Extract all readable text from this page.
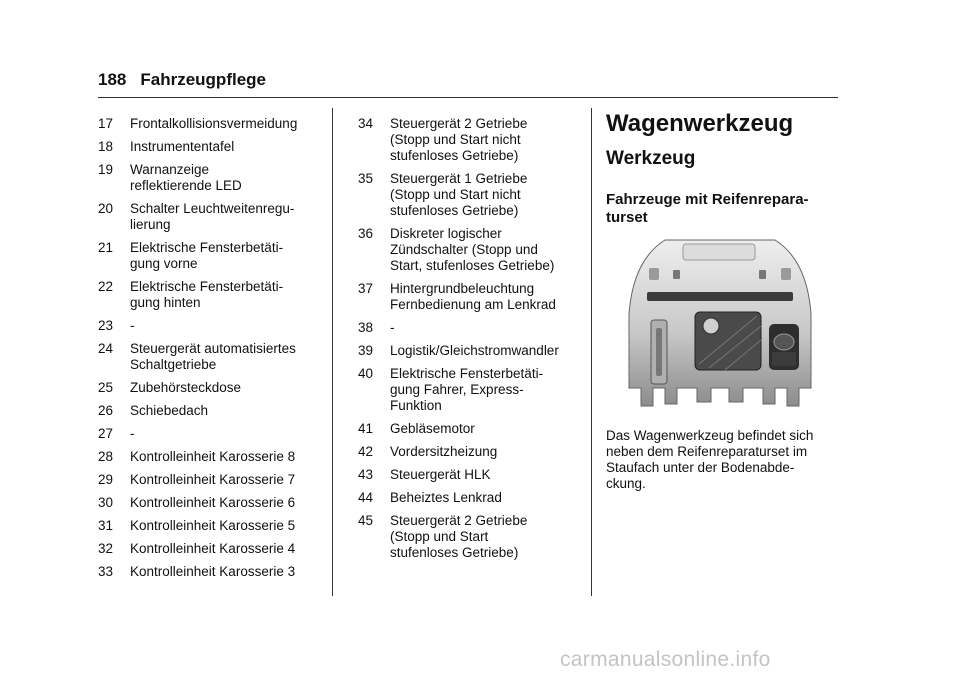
188 Fahrzeugpflege
17	Frontalkollisionsvermeidung
18	Instrumententafel
19	Warnanzeige
reflektierende LED
20	Schalter Leuchtweitenregu-
lierung
21	Elektrische Fensterbetäti-
gung vorne
22	Elektrische Fensterbetäti-
gung hinten
23	-
24	Steuergerät automatisiertes
Schaltgetriebe
25	Zubehörsteckdose
26	Schiebedach
27	-
28	Kontrolleinheit Karosserie 8
29	Kontrolleinheit Karosserie 7
30	Kontrolleinheit Karosserie 6
31	Kontrolleinheit Karosserie 5
32	Kontrolleinheit Karosserie 4
33	Kontrolleinheit Karosserie 3
34	Steuergerät 2 Getriebe
(Stopp und Start nicht
stufenloses Getriebe)
35	Steuergerät 1 Getriebe
(Stopp und Start nicht
stufenloses Getriebe)
36	Diskreter logischer
Zündschalter (Stopp und
Start, stufenloses Getriebe)
37	Hintergrundbeleuchtung
Fernbedienung am Lenkrad
38	-
39	Logistik/Gleichstromwandler
40	Elektrische Fensterbetäti-
gung Fahrer, Express-
Funktion
41	Gebläsemotor
42	Vordersitzheizung
43	Steuergerät HLK
44	Beheiztes Lenkrad
45	Steuergerät 2 Getriebe
(Stopp und Start
stufenloses Getriebe)
Wagenwerkzeug
Werkzeug
Fahrzeuge mit Reifenrepara-
turset
Das Wagenwerkzeug befindet sich
neben dem Reifenreparaturset im
Staufach unter der Bodenabde-
ckung.
carmanualsonline.info
